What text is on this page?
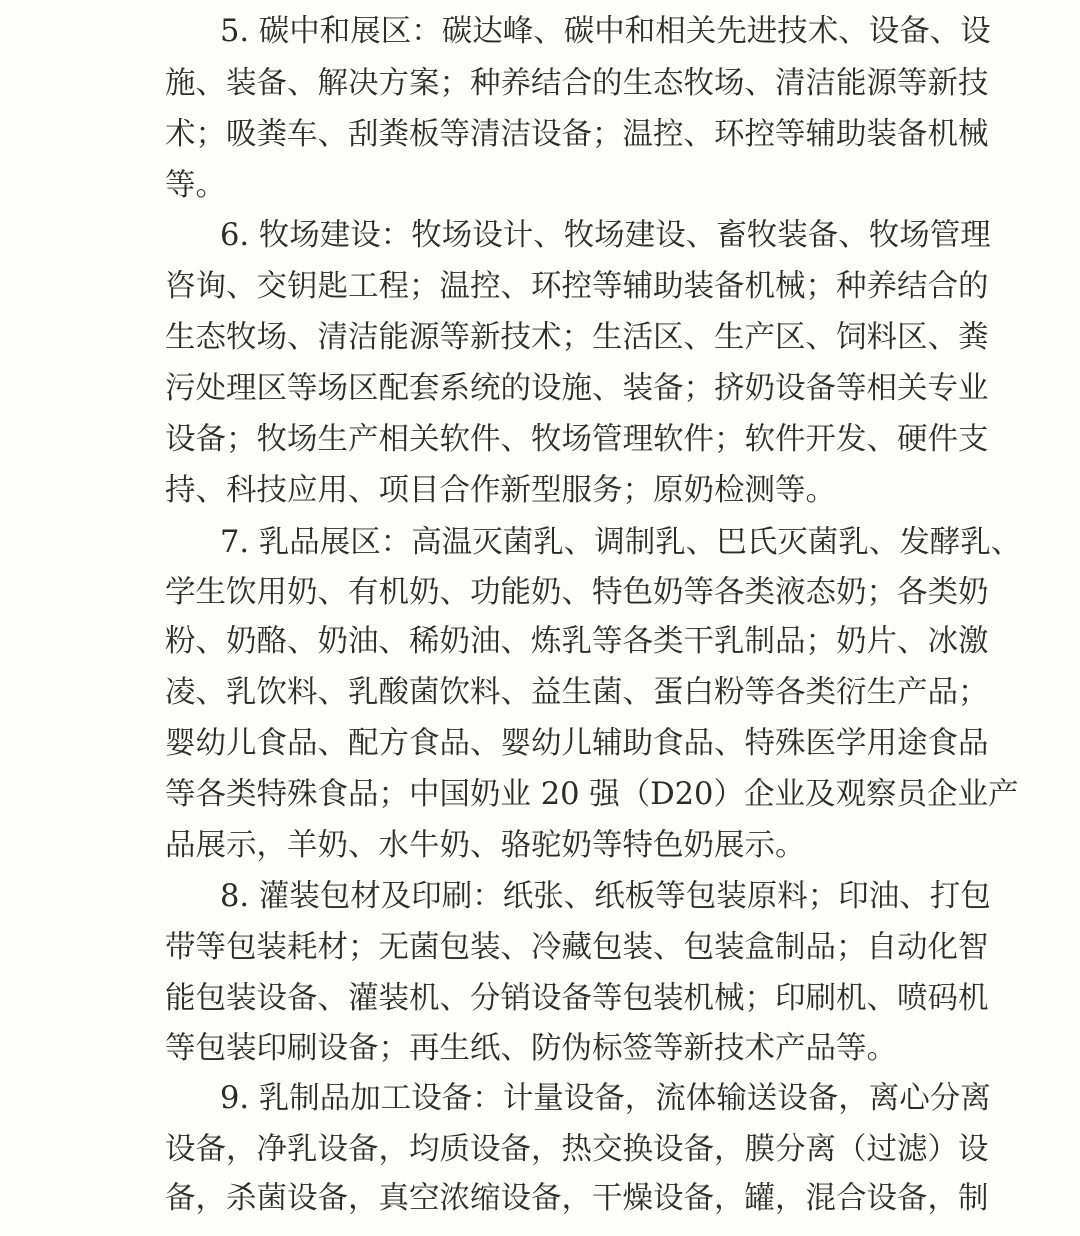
5. 碳中和展区：碳达峰、碳中和相关先进技术、设备、设
施、装备、解决方案；种养结合的生态牧场、清洁能源等新技
术；吸粪车、刮粪板等清洁设备；温控、环控等辅助装备机械
等。
6. 牧场建设：牧场设计、牧场建设、畜牧装备、牧场管理
咨询、交钥匙工程；温控、环控等辅助装备机械；种养结合的
生态牧场、清洁能源等新技术；生活区、生产区、饲料区、粪
污处理区等场区配套系统的设施、装备；挤奶设备等相关专业
设备；牧场生产相关软件、牧场管理软件；软件开发、硬件支
持、科技应用、项目合作新型服务；原奶检测等。
7. 乳品展区：高温灭菌乳、调制乳、巴氏灭菌乳、发酵乳、
学生饮用奶、有机奶、功能奶、特色奶等各类液态奶；各类奶
粉、奶酪、奶油、稀奶油、炼乳等各类干乳制品；奶片、冰激
凌、乳饮料、乳酸菌饮料、益生菌、蛋白粉等各类衍生产品；
婴幼儿食品、配方食品、婴幼儿辅助食品、特殊医学用途食品
等各类特殊食品；中国奶业 20 强（D20）企业及观察员企业产
品展示，羊奶、水牛奶、骆驼奶等特色奶展示。
8. 灌装包材及印刷：纸张、纸板等包装原料；印油、打包
带等包装耗材；无菌包装、冷藏包装、包装盒制品；自动化智
能包装设备、灌装机、分销设备等包装机械；印刷机、喷码机
等包装印刷设备；再生纸、防伪标签等新技术产品等。
9. 乳制品加工设备：计量设备，流体输送设备，离心分离
设备，净乳设备，均质设备，热交换设备，膜分离（过滤）设
备，杀菌设备，真空浓缩设备，干燥设备，罐，混合设备，制
